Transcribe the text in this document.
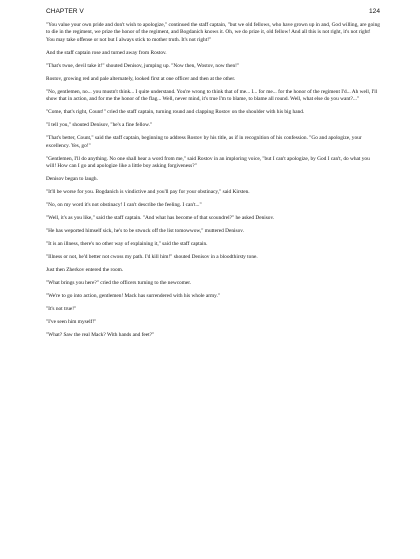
CHAPTER V	124

"You value your own pride and don't wish to apologize," continued the staff captain, "but we old fellows, who have grown up in and, God willing, are going to die in the regiment, we prize the honor of the regiment, and Bogdanich knows it. Oh, we do prize it, old fellow! And all this is not right, it's not right! You may take offense or not but I always stick to mother truth. It's not right!"

And the staff captain rose and turned away from Rostov.

"That's twue, devil take it!" shouted Denisov, jumping up. "Now then, Wostov, now then!"

Rostov, growing red and pale alternately, looked first at one officer and then at the other.

"No, gentlemen, no... you mustn't think... I quite understand. You're wrong to think that of me... I... for me... for the honor of the regiment I'd... Ah well, I'll show that in action, and for me the honor of the flag... Well, never mind, it's true I'm to blame, to blame all round. Well, what else do you want?..."

"Come, that's right, Count!" cried the staff captain, turning round and clapping Rostov on the shoulder with his big hand.

"I tell you," shouted Denisov, "he's a fine fellow."

"That's better, Count," said the staff captain, beginning to address Rostov by his title, as if in recognition of his confession. "Go and apologize, your excellency. Yes, go!"

"Gentlemen, I'll do anything. No one shall hear a word from me," said Rostov in an imploring voice, "but I can't apologize, by God I can't, do what you will! How can I go and apologize like a little boy asking forgiveness?"

Denisov began to laugh.

"It'll be worse for you. Bogdanich is vindictive and you'll pay for your obstinacy," said Kirsten.

"No, on my word it's not obstinacy! I can't describe the feeling. I can't..."

"Well, it's as you like," said the staff captain. "And what has become of that scoundrel?" he asked Denisov.

"He has weported himself sick, he's to be stwuck off the list tomowwow," muttered Denisov.

"It is an illness, there's no other way of explaining it," said the staff captain.

"Illness or not, he'd better not cwoss my path. I'd kill him!" shouted Denisov in a bloodthirsty tone.

Just then Zherkov entered the room.

"What brings you here?" cried the officers turning to the newcomer.

"We're to go into action, gentlemen! Mack has surrendered with his whole army."

"It's not true!"

"I've seen him myself!"

"What? Saw the real Mack? With hands and feet?"
